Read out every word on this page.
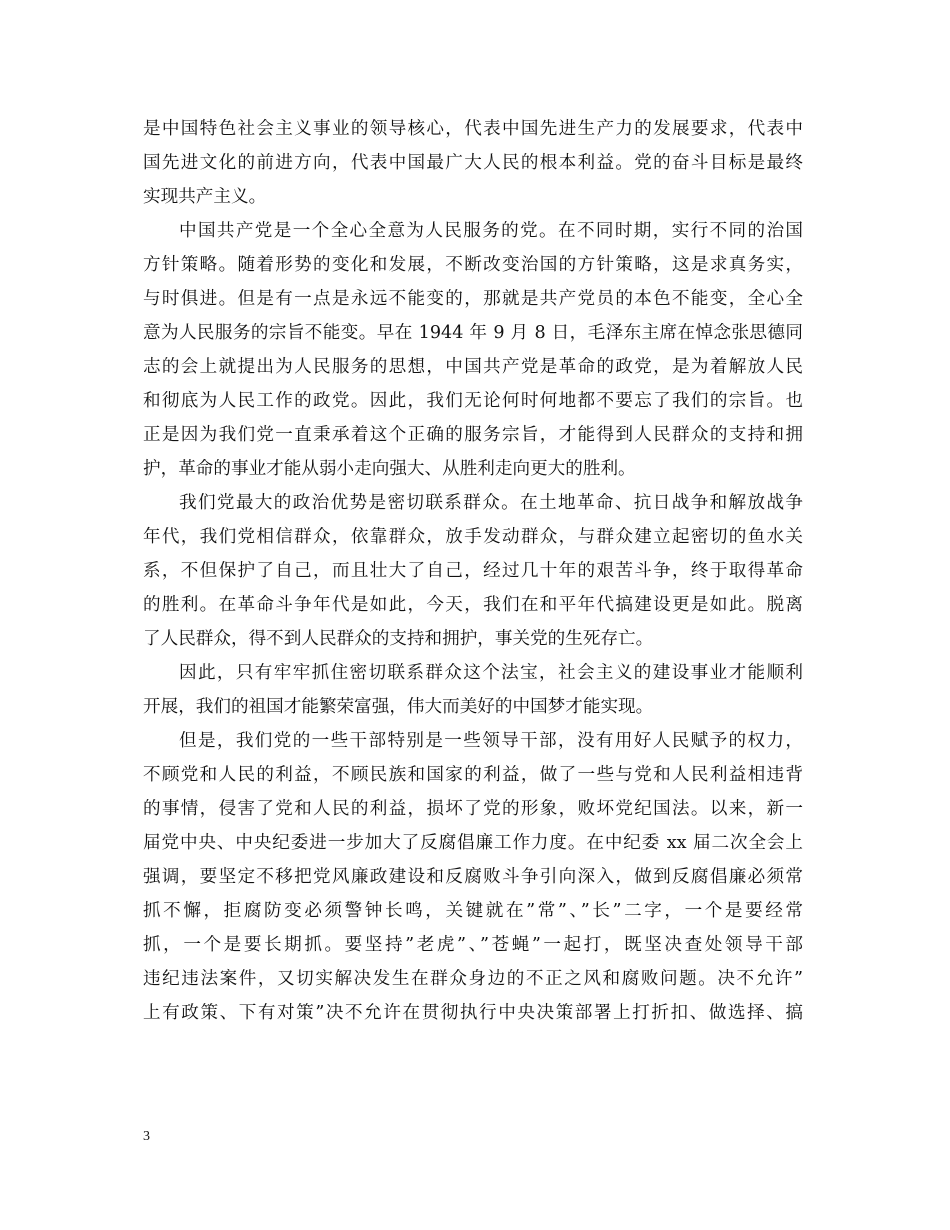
是中国特色社会主义事业的领导核心，代表中国先进生产力的发展要求，代表中
国先进文化的前进方向，代表中国最广大人民的根本利益。党的奋斗目标是最终
实现共产主义。
中国共产党是一个全心全意为人民服务的党。在不同时期，实行不同的治国
方针策略。随着形势的变化和发展，不断改变治国的方针策略，这是求真务实，
与时俱进。但是有一点是永远不能变的，那就是共产党员的本色不能变，全心全
意为人民服务的宗旨不能变。早在 1944 年 9 月 8 日，毛泽东主席在悼念张思德同
志的会上就提出为人民服务的思想，中国共产党是革命的政党，是为着解放人民
和彻底为人民工作的政党。因此，我们无论何时何地都不要忘了我们的宗旨。也
正是因为我们党一直秉承着这个正确的服务宗旨，才能得到人民群众的支持和拥
护，革命的事业才能从弱小走向强大、从胜利走向更大的胜利。
我们党最大的政治优势是密切联系群众。在土地革命、抗日战争和解放战争
年代，我们党相信群众，依靠群众，放手发动群众，与群众建立起密切的鱼水关
系，不但保护了自己，而且壮大了自己，经过几十年的艰苦斗争，终于取得革命
的胜利。在革命斗争年代是如此，今天，我们在和平年代搞建设更是如此。脱离
了人民群众，得不到人民群众的支持和拥护，事关党的生死存亡。
因此，只有牢牢抓住密切联系群众这个法宝，社会主义的建设事业才能顺利
开展，我们的祖国才能繁荣富强，伟大而美好的中国梦才能实现。
但是，我们党的一些干部特别是一些领导干部，没有用好人民赋予的权力，
不顾党和人民的利益，不顾民族和国家的利益，做了一些与党和人民利益相违背
的事情，侵害了党和人民的利益，损坏了党的形象，败坏党纪国法。以来，新一
届党中央、中央纪委进一步加大了反腐倡廉工作力度。在中纪委 xx 届二次全会上
强调，要坚定不移把党风廉政建设和反腐败斗争引向深入，做到反腐倡廉必须常
抓不懈，拒腐防变必须警钟长鸣，关键就在”常”、”长”二字，一个是要经常
抓，一个是要长期抓。要坚持”老虎”、”苍蝇”一起打，既坚决查处领导干部
违纪违法案件，又切实解决发生在群众身边的不正之风和腐败问题。决不允许”
上有政策、下有对策”决不允许在贯彻执行中央决策部署上打折扣、做选择、搞
3
